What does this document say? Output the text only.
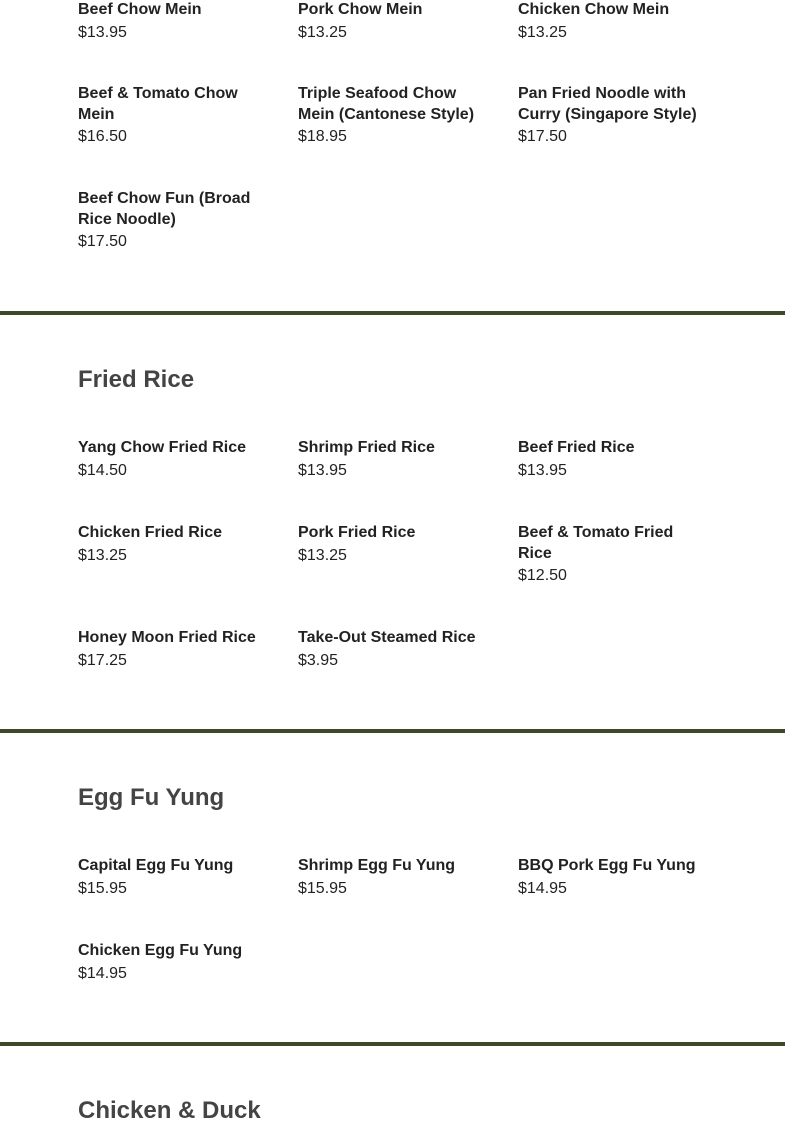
Beef Chow Mein
$13.95
Pork Chow Mein
$13.25
Chicken Chow Mein
$13.25
Beef & Tomato Chow Mein
$16.50
Triple Seafood Chow Mein (Cantonese Style)
$18.95
Pan Fried Noodle with Curry (Singapore Style)
$17.50
Beef Chow Fun (Broad Rice Noodle)
$17.50
Fried Rice
Yang Chow Fried Rice
$14.50
Shrimp Fried Rice
$13.95
Beef Fried Rice
$13.95
Chicken Fried Rice
$13.25
Pork Fried Rice
$13.25
Beef & Tomato Fried Rice
$12.50
Honey Moon Fried Rice
$17.25
Take-Out Steamed Rice
$3.95
Egg Fu Yung
Capital Egg Fu Yung
$15.95
Shrimp Egg Fu Yung
$15.95
BBQ Pork Egg Fu Yung
$14.95
Chicken Egg Fu Yung
$14.95
Chicken & Duck
